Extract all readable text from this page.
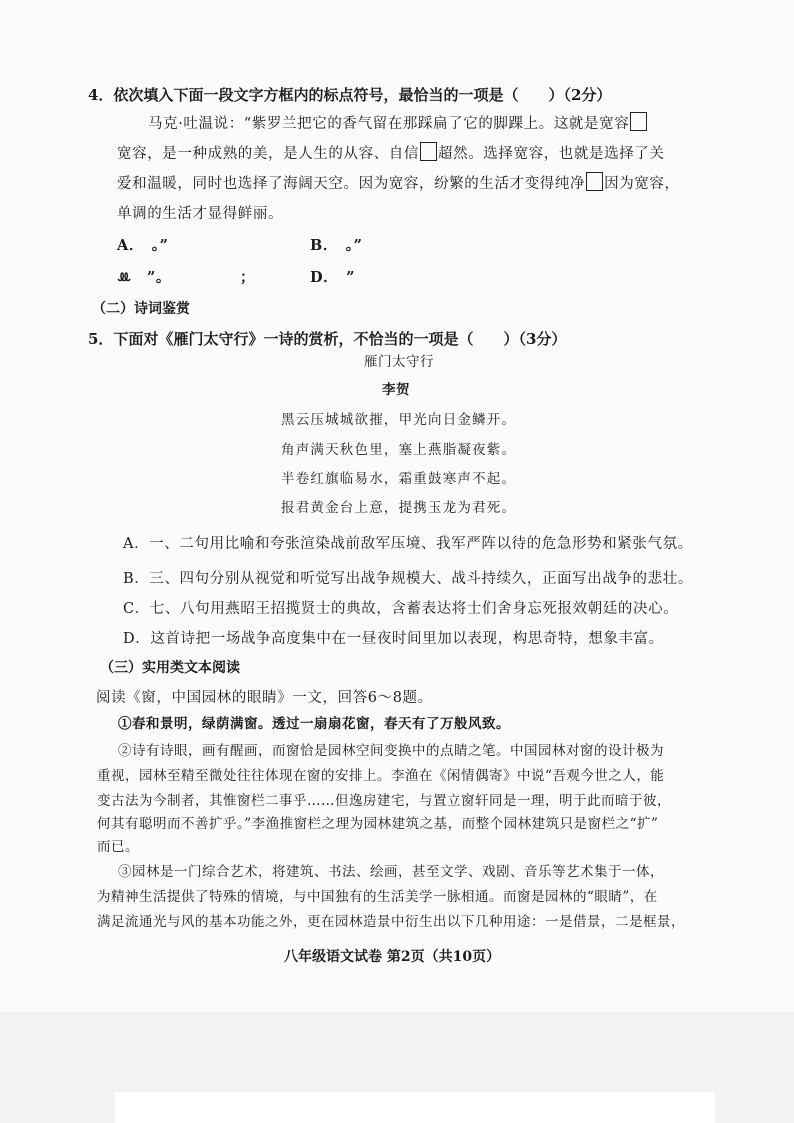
4．依次填入下面一段文字方框内的标点符号，最恰当的一项是（　　）（2分）
马克·吐温说：“紫罗兰把它的香气留在那踩扁了它的脚踝上。这就是宽容
宽容，是一种成熟的美，是人生的从容、自信 超然。选择宽容，也就是选择了关
爱和温暖，同时也选择了海阔天空。因为宽容，纷繁的生活才变得纯净 因为宽容，
单调的生活才显得鲜丽。
A．　。”	B．　。”
ꔛ　”。	；	D．　”
（二）诗词鉴赏
5．下面对《雁门太守行》一诗的赏析，不恰当的一项是（　　）（3分）
雁门太守行
李贺
黑云压城城欲摧，甲光向日金鳞开。
角声满天秋色里，塞上燕脂凝夜紫。
半卷红旗临易水，霜重鼓寒声不起。
报君黄金台上意，提携玉龙为君死。
A．一、二句用比喻和夸张渲染战前敌军压境、我军严阵以待的危急形势和紧张气氛。
B．三、四句分别从视觉和听觉写出战争规模大、战斗持续久，正面写出战争的悲壮。
C．七、八句用燕昭王招揽贤士的典故，含蓄表达将士们舍身忘死报效朝廷的决心。
D．这首诗把一场战争高度集中在一昼夜时间里加以表现，构思奇特，想象丰富。
（三）实用类文本阅读
阅读《窗，中国园林的眼睛》一文，回答6～8题。
①春和景明，绿荫满窗。透过一扇扇花窗，春天有了万般风致。
②诗有诗眼，画有醒画，而窗恰是园林空间变换中的点睛之笔。中国园林对窗的设计极为
重视，园林至精至微处往往体现在窗的安排上。李渔在《闲情偶寄》中说“吾观今世之人，能
变古法为今制者，其惟窗栏二事乎……但逸房建宅，与置立窗轩同是一理，明于此而暗于彼，
何其有聪明而不善扩乎。”李渔推窗栏之理为园林建筑之基，而整个园林建筑只是窗栏之“扩”
而已。
③园林是一门综合艺术，将建筑、书法、绘画，甚至文学、戏剧、音乐等艺术集于一体，
为精神生活提供了特殊的情境，与中国独有的生活美学一脉相通。而窗是园林的“眼睛”，在
满足流通光与风的基本功能之外，更在园林造景中衍生出以下几种用途：一是借景，二是框景，
八年级语文试卷 第2页（共10页）
